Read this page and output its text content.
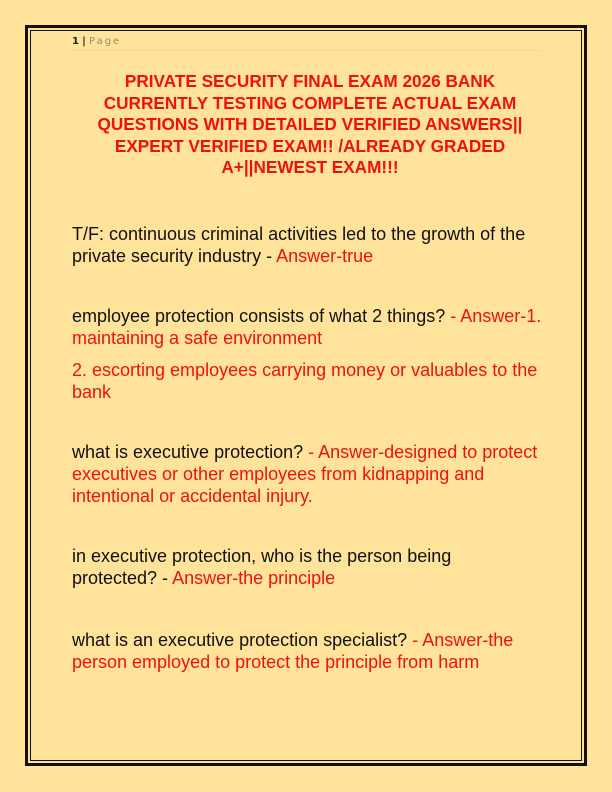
1 | Page
PRIVATE SECURITY FINAL EXAM 2026 BANK CURRENTLY TESTING COMPLETE ACTUAL EXAM QUESTIONS WITH DETAILED VERIFIED ANSWERS|| EXPERT VERIFIED EXAM!! /ALREADY GRADED A+||NEWEST EXAM!!!
T/F: continuous criminal activities led to the growth of the private security industry - Answer-true
employee protection consists of what 2 things? - Answer-1. maintaining a safe environment
2. escorting employees carrying money or valuables to the bank
what is executive protection? - Answer-designed to protect executives or other employees from kidnapping and intentional or accidental injury.
in executive protection, who is the person being protected? - Answer-the principle
what is an executive protection specialist? - Answer-the person employed to protect the principle from harm
